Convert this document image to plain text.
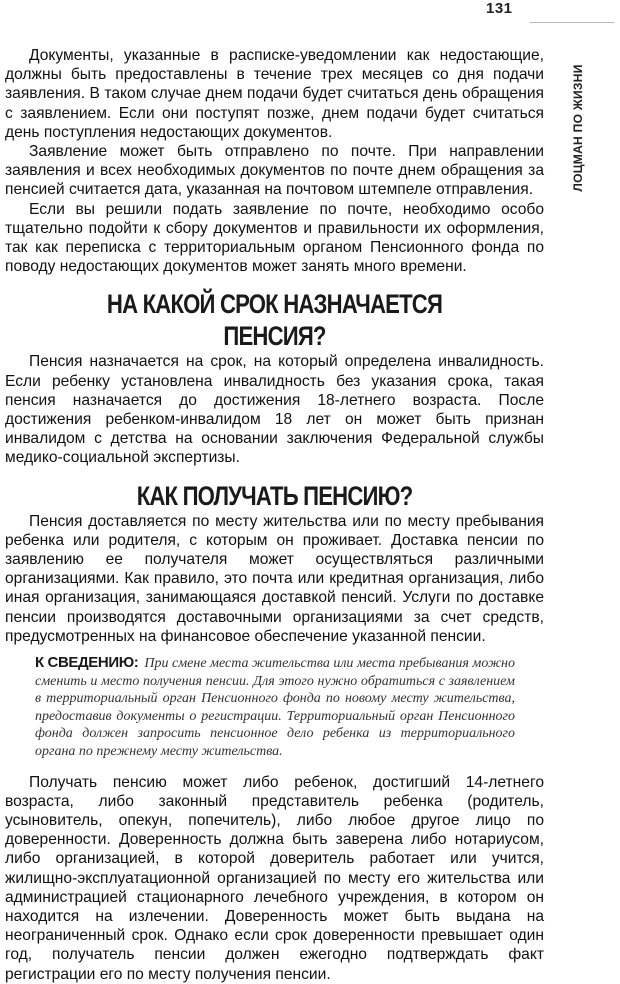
131
ЛОЦМАН ПО ЖИЗНИ

Документы, указанные в расписке-уведомлении как недостающие, должны быть предоставлены в течение трех месяцев со дня подачи заявления. В таком случае днем подачи будет считаться день обращения с заявлением. Если они поступят позже, днем подачи будет считаться день поступления недостающих документов.

Заявление может быть отправлено по почте. При направлении заявления и всех необходимых документов по почте днем обращения за пенсией считается дата, указанная на почтовом штемпеле отправления.

Если вы решили подать заявление по почте, необходимо особо тщательно подойти к сбору документов и правильности их оформления, так как переписка с территориальным органом Пенсионного фонда по поводу недостающих документов может занять много времени.

НА КАКОЙ СРОК НАЗНАЧАЕТСЯ ПЕНСИЯ?

Пенсия назначается на срок, на который определена инвалидность. Если ребенку установлена инвалидность без указания срока, такая пенсия назначается до достижения 18-летнего возраста. После достижения ребенком-инвалидом 18 лет он может быть признан инвалидом с детства на основании заключения Федеральной службы медико-социальной экспертизы.

КАК ПОЛУЧАТЬ ПЕНСИЮ?

Пенсия доставляется по месту жительства или по месту пребывания ребенка или родителя, с которым он проживает. Доставка пенсии по заявлению ее получателя может осуществляться различными организациями. Как правило, это почта или кредитная организация, либо иная организация, занимающаяся доставкой пенсий. Услуги по доставке пенсии производятся доставочными организациями за счет средств, предусмотренных на финансовое обеспечение указанной пенсии.

К СВЕДЕНИЮ: При смене места жительства или места пребывания можно сменить и место получения пенсии. Для этого нужно обратиться с заявлением в территориальный орган Пенсионного фонда по новому месту жительства, предоставив документы о регистрации. Территориальный орган Пенсионного фонда должен запросить пенсионное дело ребенка из территориального органа по прежнему месту жительства.

Получать пенсию может либо ребенок, достигший 14-летнего возраста, либо законный представитель ребенка (родитель, усыновитель, опекун, попечитель), либо любое другое лицо по доверенности. Доверенность должна быть заверена либо нотариусом, либо организацией, в которой доверитель работает или учится, жилищно-эксплуатационной организацией по месту его жительства или администрацией стационарного лечебного учреждения, в котором он находится на излечении. Доверенность может быть выдана на неограниченный срок. Однако если срок доверенности превышает один год, получатель пенсии должен ежегодно подтверждать факт регистрации его по месту получения пенсии.
